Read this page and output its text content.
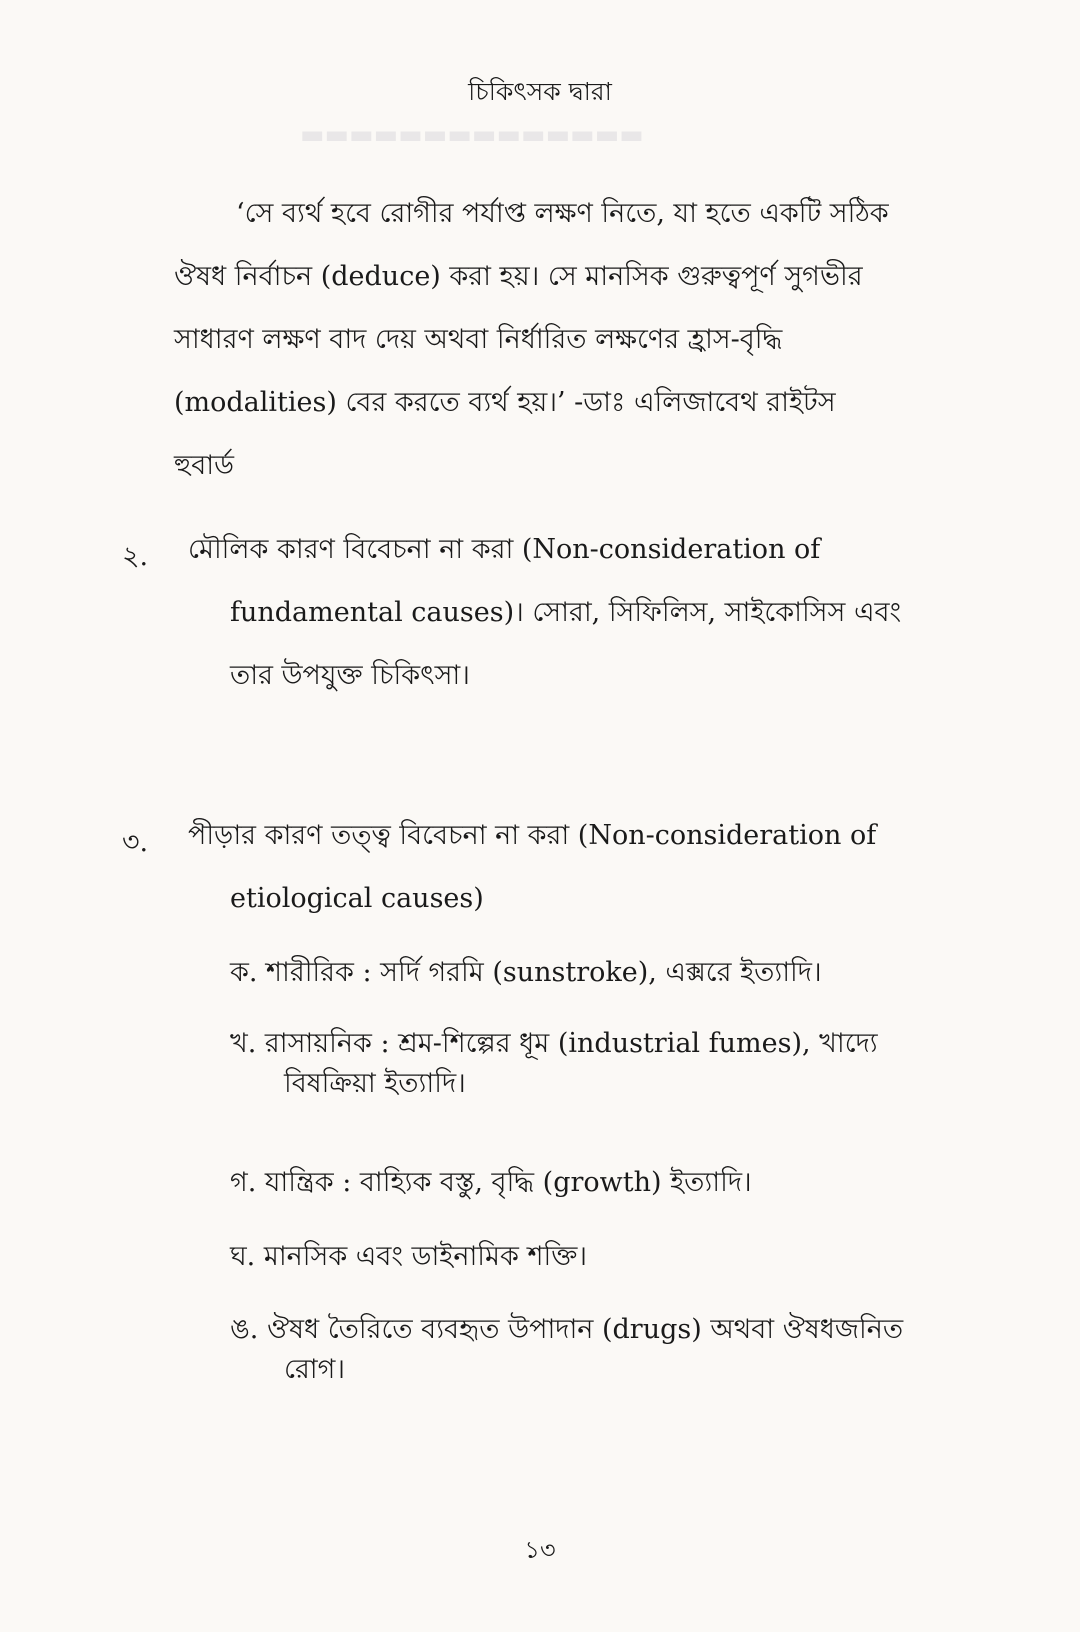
▬▬▬▬▬▬▬▬▬▬▬▬▬▬
চিকিৎসক দ্বারা
‘সে ব্যর্থ হবে রোগীর পর্যাপ্ত লক্ষণ নিতে, যা হতে একটি সঠিক
ঔষধ নির্বাচন (deduce) করা হয়। সে মানসিক গুরুত্বপূর্ণ সুগভীর
সাধারণ লক্ষণ বাদ দেয় অথবা নির্ধারিত লক্ষণের হ্রাস-বৃদ্ধি
(modalities) বের করতে ব্যর্থ হয়।’ -ডাঃ এলিজাবেথ রাইটস
হুবার্ড
২. মৌলিক কারণ বিবেচনা না করা (Non-consideration of
fundamental causes)। সোরা, সিফিলিস, সাইকোসিস এবং
তার উপযুক্ত চিকিৎসা।
৩. পীড়ার কারণ তত্ত্ব বিবেচনা না করা (Non-consideration of
etiological causes)
ক. শারীরিক : সর্দি গরমি (sunstroke), এক্সরে ইত্যাদি।
খ. রাসায়নিক : শ্রম-শিল্পের ধূম (industrial fumes), খাদ্যে
বিষক্রিয়া ইত্যাদি।
গ. যান্ত্রিক : বাহ্যিক বস্তু, বৃদ্ধি (growth) ইত্যাদি।
ঘ. মানসিক এবং ডাইনামিক শক্তি।
ঙ. ঔষধ তৈরিতে ব্যবহৃত উপাদান (drugs) অথবা ঔষধজনিত
রোগ।
১৩
